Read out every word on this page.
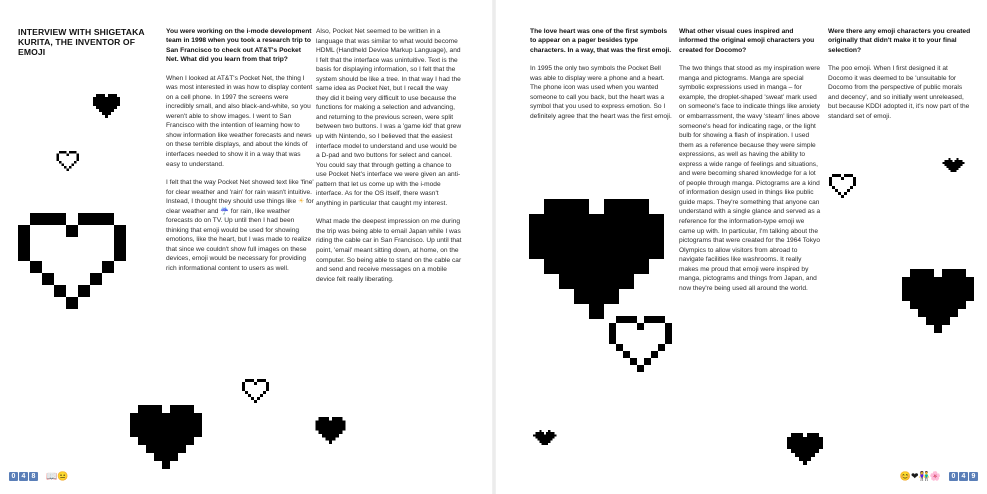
INTERVIEW WITH SHIGETAKA KURITA, THE INVENTOR OF EMOJI

You were working on the i-mode development team in 1998 when you took a research trip to San Francisco to check out AT&T's Pocket Net. What did you learn from that trip?

When I looked at AT&T's Pocket Net, the thing I was most interested in was how to display content on a cell phone. In 1997 the screens were incredibly small, and also black-and-white, so you weren't able to show images. I went to San Francisco with the intention of learning how to show information like weather forecasts and news on these terrible displays, and about the kinds of interfaces needed to show it in a way that was easy to understand.

I felt that the way Pocket Net showed text like 'fine' for clear weather and 'rain' for rain wasn't intuitive. Instead, I thought they should use things like ☀ for clear weather and ☔ for rain, like weather forecasts do on TV. Up until then I had been thinking that emoji would be used for showing emotions, like the heart, but I was made to realize that since we couldn't show full images on these devices, emoji would be necessary for providing rich informational content to users as well.

Also, Pocket Net seemed to be written in a language that was similar to what would become HDML (Handheld Device Markup Language), and I felt that the interface was unintuitive. Text is the basis for displaying information, so I felt that the system should be like a tree. In that way I had the same idea as Pocket Net, but I recall the way they did it being very difficult to use because the functions for making a selection and advancing, and returning to the previous screen, were split between two buttons. I was a 'game kid' that grew up with Nintendo, so I believed that the easiest interface model to understand and use would be a D-pad and two buttons for select and cancel. You could say that through getting a chance to use Pocket Net's interface we were given an anti-pattern that let us come up with the i-mode interface. As for the OS itself, there wasn't anything in particular that caught my interest.

What made the deepest impression on me during the trip was being able to email Japan while I was riding the cable car in San Francisco. Up until that point, 'email' meant sitting down, at home, on the computer. So being able to stand on the cable car and send and receive messages on a mobile device felt really liberating.

The love heart was one of the first symbols to appear on a pager besides type characters. In a way, that was the first emoji.

In 1995 the only two symbols the Pocket Bell was able to display were a phone and a heart. The phone icon was used when you wanted someone to call you back, but the heart was a symbol that you used to express emotion. So I definitely agree that the heart was the first emoji.

What other visual cues inspired and informed the original emoji characters you created for Docomo?

The two things that stood as my inspiration were manga and pictograms. Manga are special symbolic expressions used in manga – for example, the droplet-shaped 'sweat' mark used on someone's face to indicate things like anxiety or embarrassment, the wavy 'steam' lines above someone's head for indicating rage, or the light bulb for showing a flash of inspiration. I used them as a reference because they were simple expressions, as well as having the ability to express a wide range of feelings and situations, and were becoming shared knowledge for a lot of people through manga. Pictograms are a kind of information design used in things like public guide maps. They're something that anyone can understand with a single glance and served as a reference for the information-type emoji we came up with. In particular, I'm talking about the pictograms that were created for the 1964 Tokyo Olympics to allow visitors from abroad to navigate facilities like washrooms. It really makes me proud that emoji were inspired by manga, pictograms and things from Japan, and now they're being used all around the world.

Were there any emoji characters you created originally that didn't make it to your final selection?

The poo emoji. When I first designed it at Docomo it was deemed to be 'unsuitable for Docomo from the perspective of public morals and decency', and so initially went unreleased, but because KDDI adopted it, it's now part of the standard set of emoji.

0 4 8 📖😐	😊❤👫🌸	0 4 9
